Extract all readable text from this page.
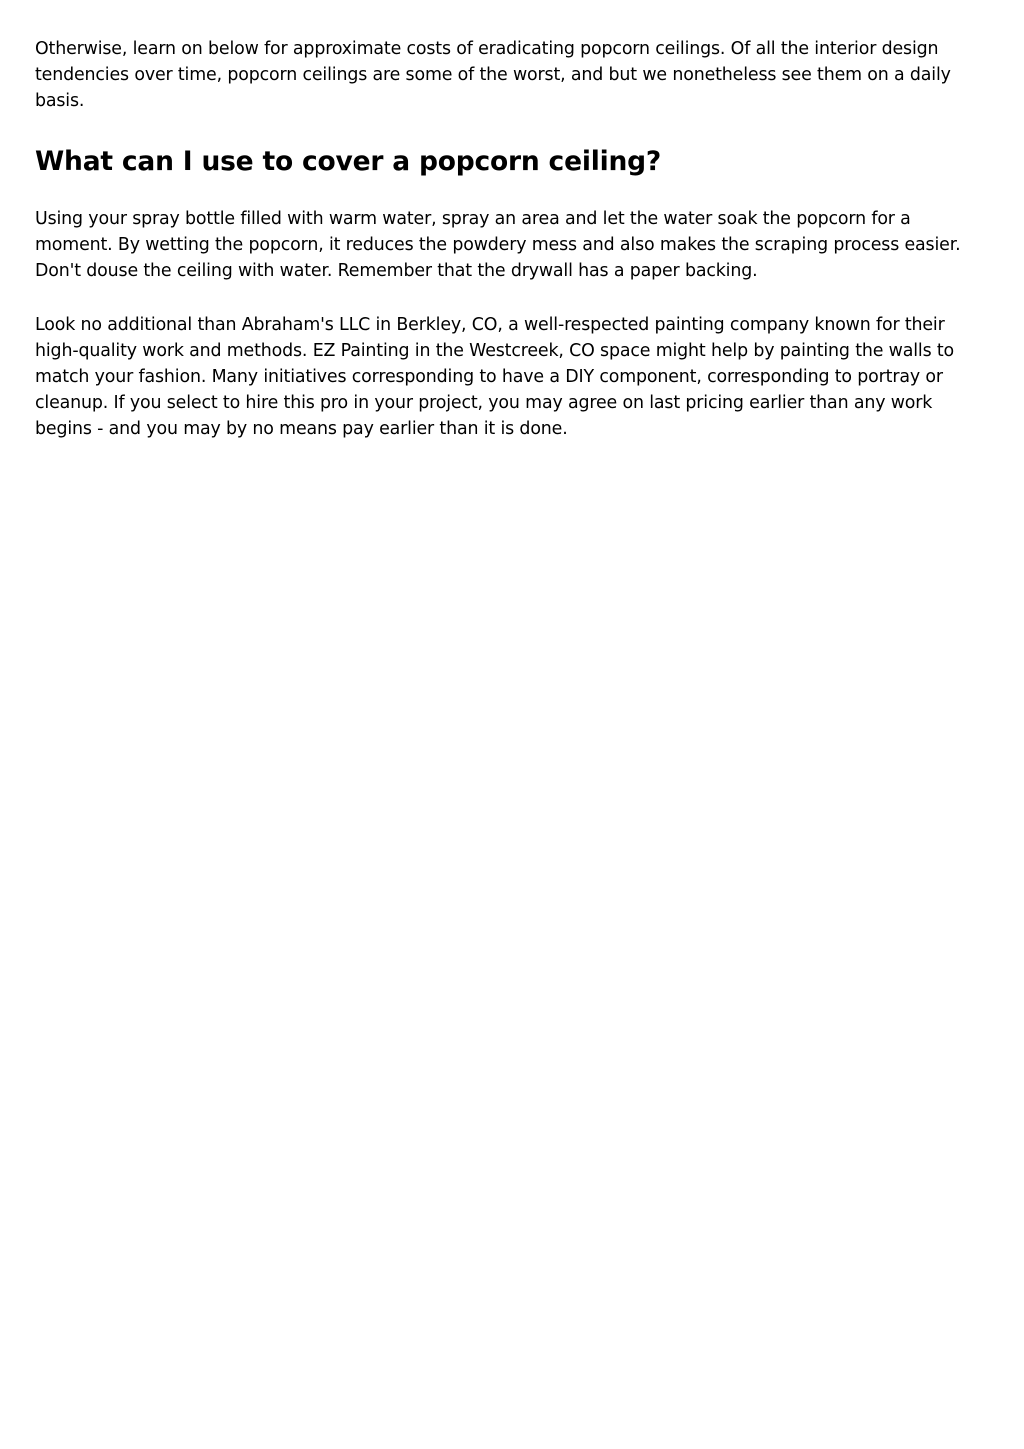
Otherwise, learn on below for approximate costs of eradicating popcorn ceilings. Of all the interior design tendencies over time, popcorn ceilings are some of the worst, and but we nonetheless see them on a daily basis.

What can I use to cover a popcorn ceiling?

Using your spray bottle filled with warm water, spray an area and let the water soak the popcorn for a moment. By wetting the popcorn, it reduces the powdery mess and also makes the scraping process easier. Don't douse the ceiling with water. Remember that the drywall has a paper backing.

Look no additional than Abraham's LLC in Berkley, CO, a well-respected painting company known for their high-quality work and methods. EZ Painting in the Westcreek, CO space might help by painting the walls to match your fashion. Many initiatives corresponding to have a DIY component, corresponding to portray or cleanup. If you select to hire this pro in your project, you may agree on last pricing earlier than any work begins - and you may by no means pay earlier than it is done.
